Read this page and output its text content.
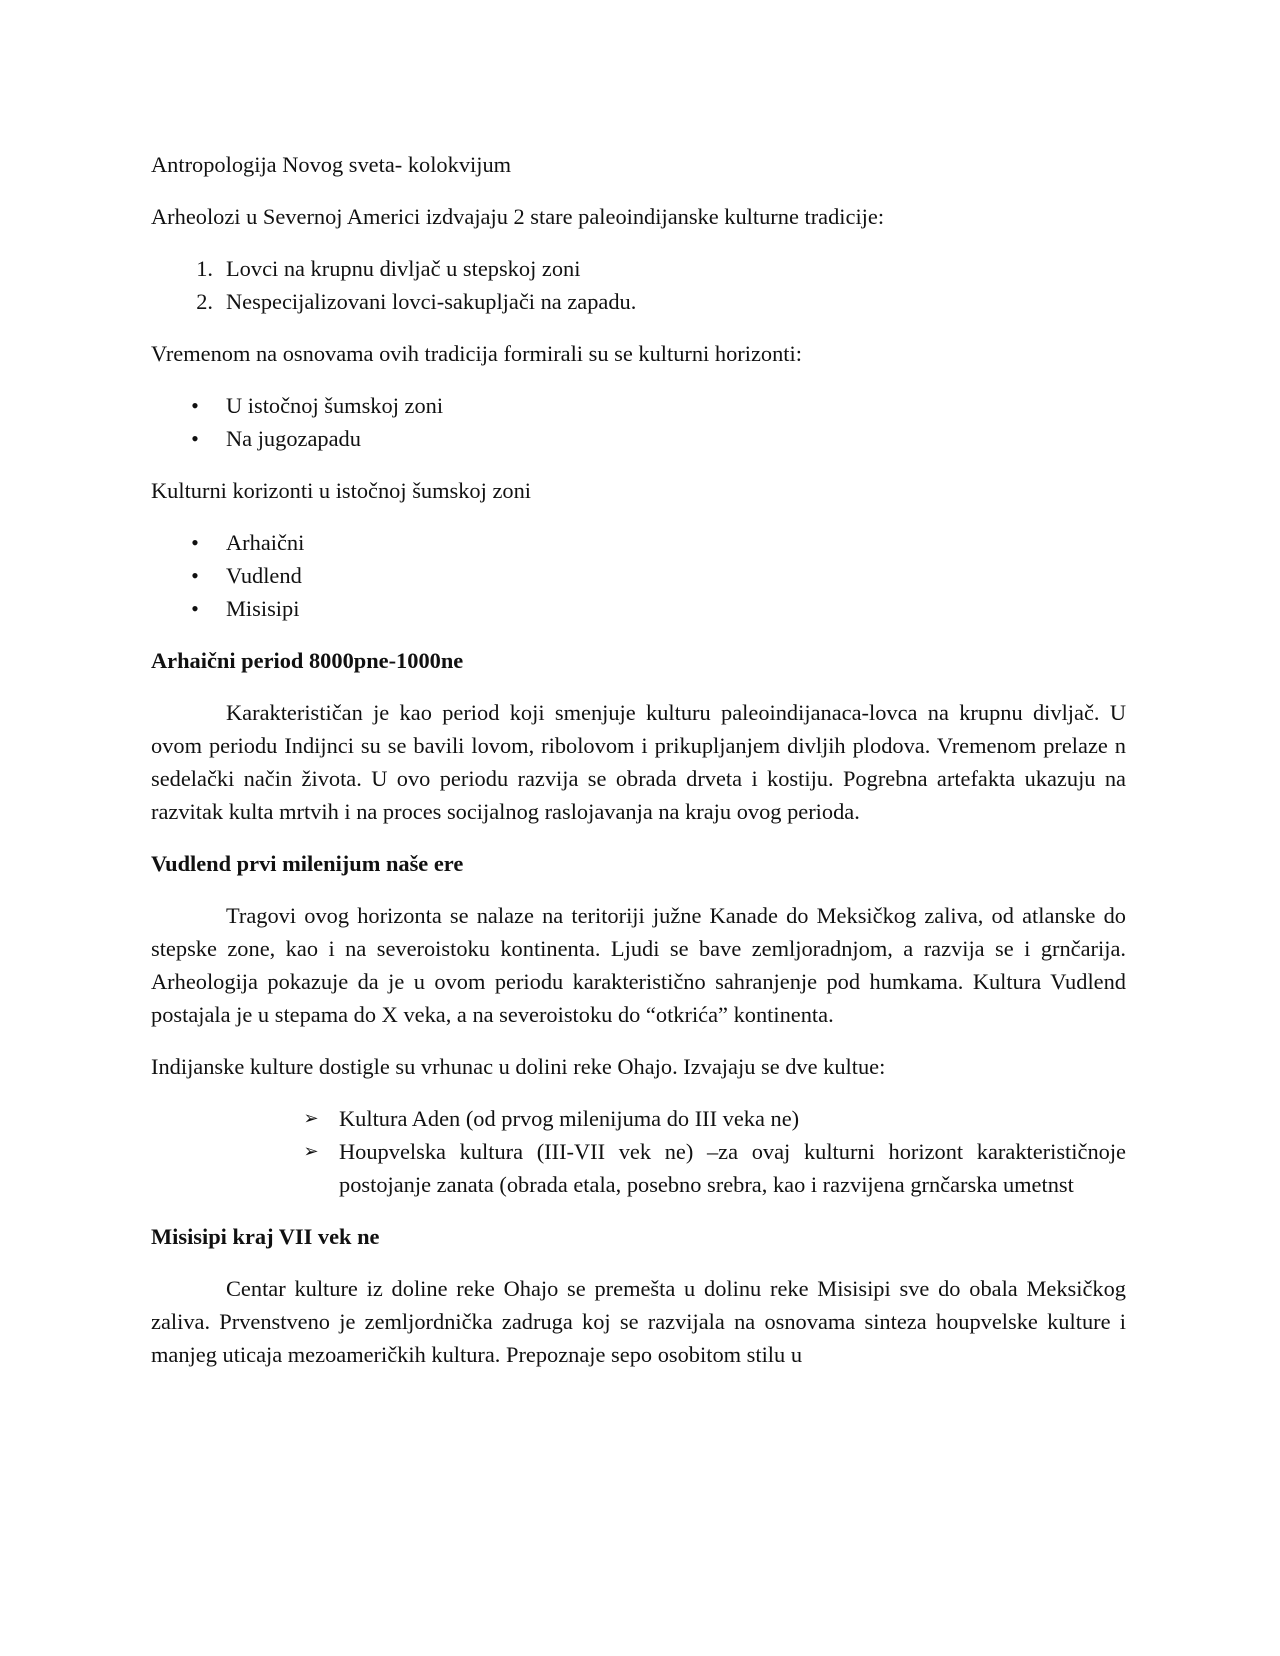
Antropologija Novog sveta- kolokvijum

Arheolozi u Severnoj Americi izdvajaju 2 stare paleoindijanske kulturne tradicije:

1. Lovci na krupnu divljač u stepskoj zoni
2. Nespecijalizovani lovci-sakupljači na zapadu.

Vremenom na osnovama ovih tradicija formirali su se kulturni horizonti:

• U istočnoj šumskoj zoni
• Na jugozapadu

Kulturni korizonti u istočnoj šumskoj zoni

• Arhaični
• Vudlend
• Misisipi

Arhaični period 8000pne-1000ne

Karakterističan je kao period koji smenjuje kulturu paleoindijanaca-lovca na krupnu divljač. U ovom periodu Indijnci su se bavili lovom, ribolovom i prikupljanjem divljih plodova. Vremenom prelaze n sedelački način života. U ovo periodu razvija se obrada drveta i kostiju. Pogrebna artefakta ukazuju na razvitak kulta mrtvih i na proces socijalnog raslojavanja na kraju ovog perioda.

Vudlend prvi milenijum naše ere

Tragovi ovog horizonta se nalaze na teritoriji južne Kanade do Meksičkog zaliva, od atlanske do stepske zone, kao i na severoistoku kontinenta. Ljudi se bave zemljoradnjom, a razvija se i grnčarija. Arheologija pokazuje da je u ovom periodu karakteristično sahranjenje pod humkama. Kultura Vudlend postajala je u stepama do X veka, a na severoistoku do “otkrića” kontinenta.

Indijanske kulture dostigle su vrhunac u dolini reke Ohajo. Izvajaju se dve kultue:

➢ Kultura Aden (od prvog milenijuma do III veka ne)
➢ Houpvelska kultura (III-VII vek ne) –za ovaj kulturni horizont karakterističnoje postojanje zanata (obrada etala, posebno srebra, kao i razvijena grnčarska umetnst

Misisipi kraj VII vek ne

Centar kulture iz doline reke Ohajo se premešta u dolinu reke Misisipi sve do obala Meksičkog zaliva. Prvenstveno je zemljordnička zadruga koj se razvijala na osnovama sinteza houpvelske kulture i manjeg uticaja mezoameričkih kultura. Prepoznaje sepo osobitom stilu u
